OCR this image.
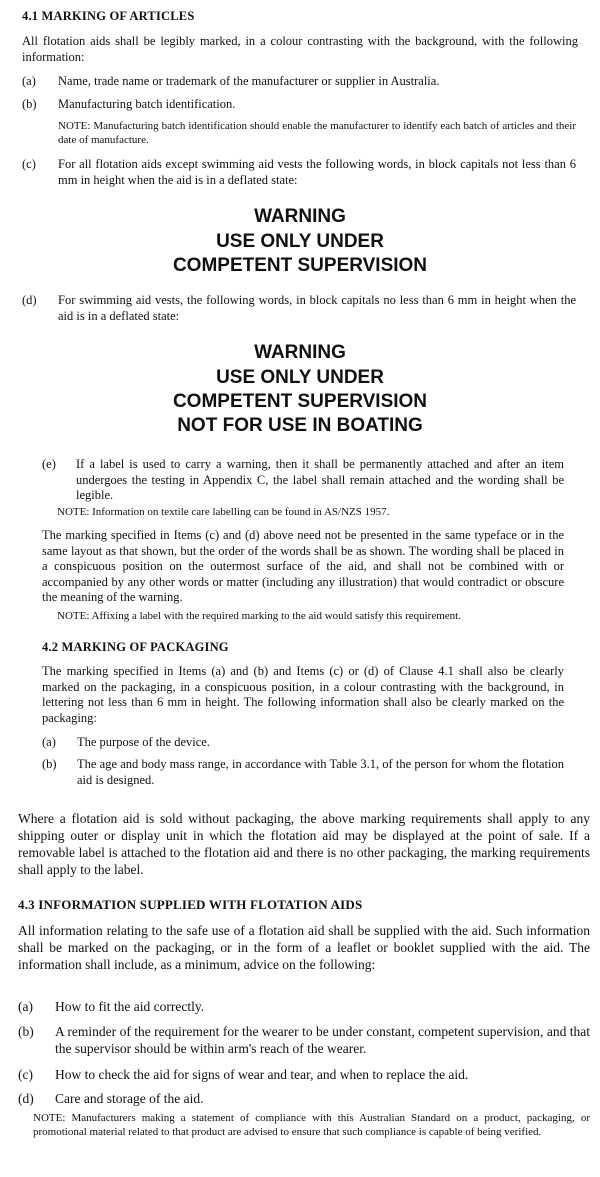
4.1 MARKING OF ARTICLES
All flotation aids shall be legibly marked, in a colour contrasting with the background, with the following information:
(a) Name, trade name or trademark of the manufacturer or supplier in Australia.
(b) Manufacturing batch identification.
NOTE: Manufacturing batch identification should enable the manufacturer to identify each batch of articles and their date of manufacture.
(c) For all flotation aids except swimming aid vests the following words, in block capitals not less than 6 mm in height when the aid is in a deflated state:
WARNING
USE ONLY UNDER
COMPETENT SUPERVISION
(d) For swimming aid vests, the following words, in block capitals no less than 6 mm in height when the aid is in a deflated state:
WARNING
USE ONLY UNDER
COMPETENT SUPERVISION
NOT FOR USE IN BOATING
(e) If a label is used to carry a warning, then it shall be permanently attached and after an item undergoes the testing in Appendix C, the label shall remain attached and the wording shall be legible.
NOTE: Information on textile care labelling can be found in AS/NZS 1957.
The marking specified in Items (c) and (d) above need not be presented in the same typeface or in the same layout as that shown, but the order of the words shall be as shown. The wording shall be placed in a conspicuous position on the outermost surface of the aid, and shall not be combined with or accompanied by any other words or matter (including any illustration) that would contradict or obscure the meaning of the warning.
NOTE: Affixing a label with the required marking to the aid would satisfy this requirement.
4.2 MARKING OF PACKAGING
The marking specified in Items (a) and (b) and Items (c) or (d) of Clause 4.1 shall also be clearly marked on the packaging, in a conspicuous position, in a colour contrasting with the background, in lettering not less than 6 mm in height. The following information shall also be clearly marked on the packaging:
(a) The purpose of the device.
(b) The age and body mass range, in accordance with Table 3.1, of the person for whom the flotation aid is designed.
Where a flotation aid is sold without packaging, the above marking requirements shall apply to any shipping outer or display unit in which the flotation aid may be displayed at the point of sale. If a removable label is attached to the flotation aid and there is no other packaging, the marking requirements shall apply to the label.
4.3 INFORMATION SUPPLIED WITH FLOTATION AIDS
All information relating to the safe use of a flotation aid shall be supplied with the aid. Such information shall be marked on the packaging, or in the form of a leaflet or booklet supplied with the aid. The information shall include, as a minimum, advice on the following:
(a) How to fit the aid correctly.
(b) A reminder of the requirement for the wearer to be under constant, competent supervision, and that the supervisor should be within arm's reach of the wearer.
(c) How to check the aid for signs of wear and tear, and when to replace the aid.
(d) Care and storage of the aid.
NOTE: Manufacturers making a statement of compliance with this Australian Standard on a product, packaging, or promotional material related to that product are advised to ensure that such compliance is capable of being verified.
